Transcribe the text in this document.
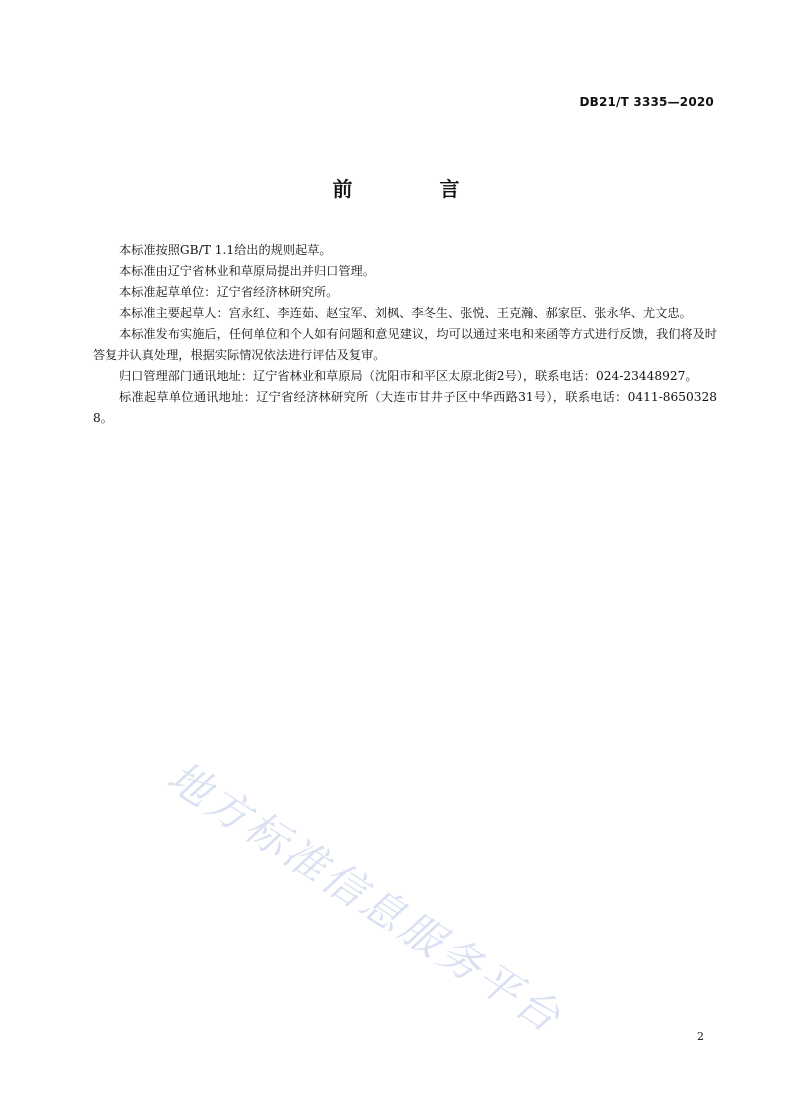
DB21/T 3335—2020
前 言

本标准按照GB/T 1.1给出的规则起草。

本标准由辽宁省林业和草原局提出并归口管理。

本标准起草单位：辽宁省经济林研究所。

本标准主要起草人：宫永红、李连茹、赵宝军、刘枫、李冬生、张悦、王克瀚、郝家臣、张永华、尤文忠。

本标准发布实施后，任何单位和个人如有问题和意见建议，均可以通过来电和来函等方式进行反馈，我们将及时答复并认真处理，根据实际情况依法进行评估及复审。

归口管理部门通讯地址：辽宁省林业和草原局（沈阳市和平区太原北街2号），联系电话：024-23448927。

标准起草单位通讯地址：辽宁省经济林研究所（大连市甘井子区中华西路31号），联系电话：0411-86503288。

地方标准信息服务平台	2
